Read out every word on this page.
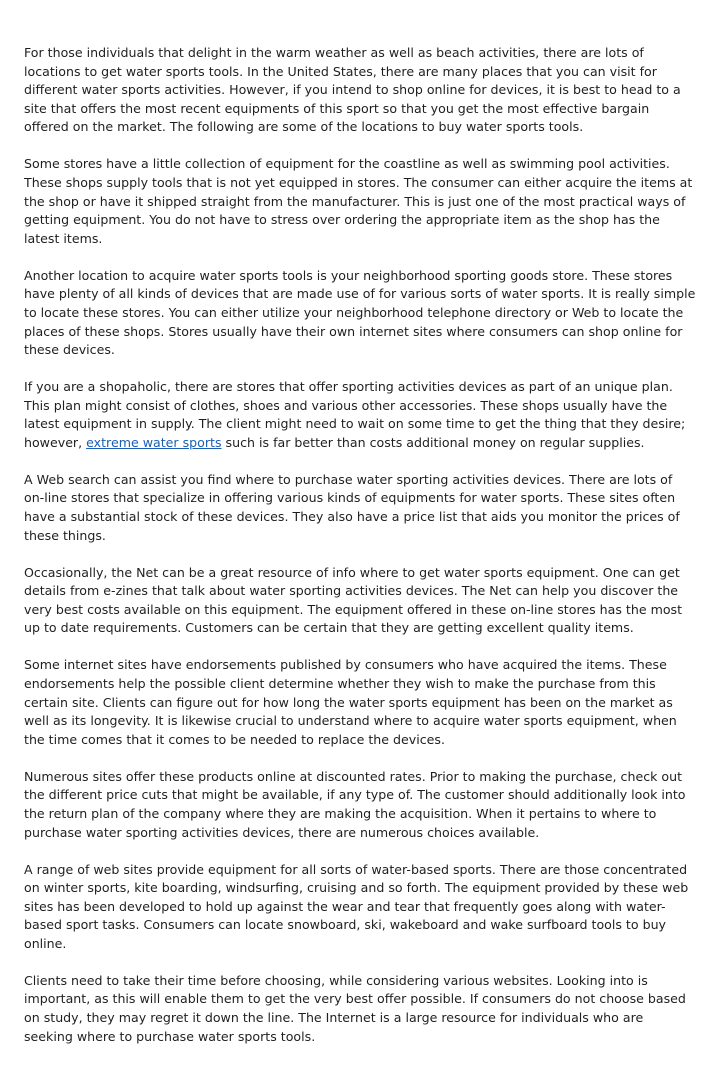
For those individuals that delight in the warm weather as well as beach activities, there are lots of locations to get water sports tools. In the United States, there are many places that you can visit for different water sports activities. However, if you intend to shop online for devices, it is best to head to a site that offers the most recent equipments of this sport so that you get the most effective bargain offered on the market. The following are some of the locations to buy water sports tools.

Some stores have a little collection of equipment for the coastline as well as swimming pool activities. These shops supply tools that is not yet equipped in stores. The consumer can either acquire the items at the shop or have it shipped straight from the manufacturer. This is just one of the most practical ways of getting equipment. You do not have to stress over ordering the appropriate item as the shop has the latest items.

Another location to acquire water sports tools is your neighborhood sporting goods store. These stores have plenty of all kinds of devices that are made use of for various sorts of water sports. It is really simple to locate these stores. You can either utilize your neighborhood telephone directory or Web to locate the places of these shops. Stores usually have their own internet sites where consumers can shop online for these devices.

If you are a shopaholic, there are stores that offer sporting activities devices as part of an unique plan. This plan might consist of clothes, shoes and various other accessories. These shops usually have the latest equipment in supply. The client might need to wait on some time to get the thing that they desire; however, extreme water sports such is far better than costs additional money on regular supplies.

A Web search can assist you find where to purchase water sporting activities devices. There are lots of on-line stores that specialize in offering various kinds of equipments for water sports. These sites often have a substantial stock of these devices. They also have a price list that aids you monitor the prices of these things.

Occasionally, the Net can be a great resource of info where to get water sports equipment. One can get details from e-zines that talk about water sporting activities devices. The Net can help you discover the very best costs available on this equipment. The equipment offered in these on-line stores has the most up to date requirements. Customers can be certain that they are getting excellent quality items.

Some internet sites have endorsements published by consumers who have acquired the items. These endorsements help the possible client determine whether they wish to make the purchase from this certain site. Clients can figure out for how long the water sports equipment has been on the market as well as its longevity. It is likewise crucial to understand where to acquire water sports equipment, when the time comes that it comes to be needed to replace the devices.

Numerous sites offer these products online at discounted rates. Prior to making the purchase, check out the different price cuts that might be available, if any type of. The customer should additionally look into the return plan of the company where they are making the acquisition. When it pertains to where to purchase water sporting activities devices, there are numerous choices available.

A range of web sites provide equipment for all sorts of water-based sports. There are those concentrated on winter sports, kite boarding, windsurfing, cruising and so forth. The equipment provided by these web sites has been developed to hold up against the wear and tear that frequently goes along with water-based sport tasks. Consumers can locate snowboard, ski, wakeboard and wake surfboard tools to buy online.

Clients need to take their time before choosing, while considering various websites. Looking into is important, as this will enable them to get the very best offer possible. If consumers do not choose based on study, they may regret it down the line. The Internet is a large resource for individuals who are seeking where to purchase water sports tools.
